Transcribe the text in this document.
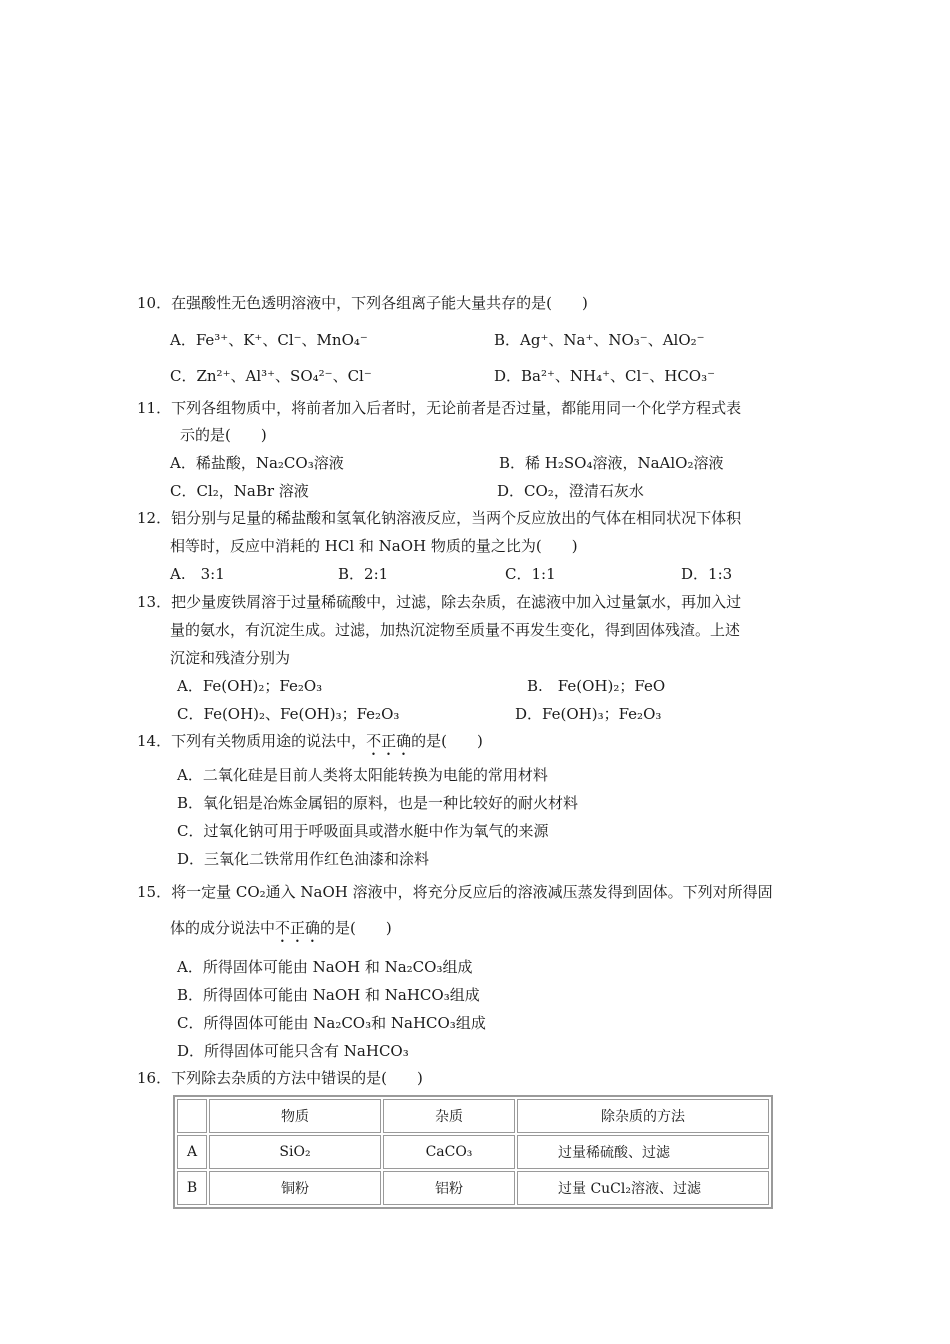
10．在强酸性无色透明溶液中，下列各组离子能大量共存的是(　　)
A．Fe³⁺、K⁺、Cl⁻、MnO₄⁻	B．Ag⁺、Na⁺、NO₃⁻、AlO₂⁻
C．Zn²⁺、Al³⁺、SO₄²⁻、Cl⁻	D．Ba²⁺、NH₄⁺、Cl⁻、HCO₃⁻
11．下列各组物质中，将前者加入后者时，无论前者是否过量，都能用同一个化学方程式表
示的是(　　)
A．稀盐酸，Na₂CO₃溶液	B．稀 H₂SO₄溶液，NaAlO₂溶液
C．Cl₂，NaBr 溶液	D．CO₂，澄清石灰水
12．铝分别与足量的稀盐酸和氢氧化钠溶液反应，当两个反应放出的气体在相同状况下体积
相等时，反应中消耗的 HCl 和 NaOH 物质的量之比为(　　)
A.　3:1	B．2:1	C．1:1	D．1:3
13．把少量废铁屑溶于过量稀硫酸中，过滤，除去杂质，在滤液中加入过量氯水，再加入过
量的氨水，有沉淀生成。过滤，加热沉淀物至质量不再发生变化，得到固体残渣。上述
沉淀和残渣分别为
A．Fe(OH)₂；Fe₂O₃	B.　Fe(OH)₂；FeO
C．Fe(OH)₂、Fe(OH)₃；Fe₂O₃	D．Fe(OH)₃；Fe₂O₃
14．下列有关物质用途的说法中，不正确的是(　　)
A．二氧化硅是目前人类将太阳能转换为电能的常用材料
B．氧化铝是冶炼金属铝的原料，也是一种比较好的耐火材料
C．过氧化钠可用于呼吸面具或潜水艇中作为氧气的来源
D．三氧化二铁常用作红色油漆和涂料
15．将一定量 CO₂通入 NaOH 溶液中，将充分反应后的溶液减压蒸发得到固体。下列对所得固
体的成分说法中不正确的是(　　)
A．所得固体可能由 NaOH 和 Na₂CO₃组成
B．所得固体可能由 NaOH 和 NaHCO₃组成
C．所得固体可能由 Na₂CO₃和 NaHCO₃组成
D．所得固体可能只含有 NaHCO₃
16．下列除去杂质的方法中错误的是(　　)
	物质	杂质	除杂质的方法
A	SiO₂	CaCO₃	过量稀硫酸、过滤
B	铜粉	铝粉	过量 CuCl₂溶液、过滤
